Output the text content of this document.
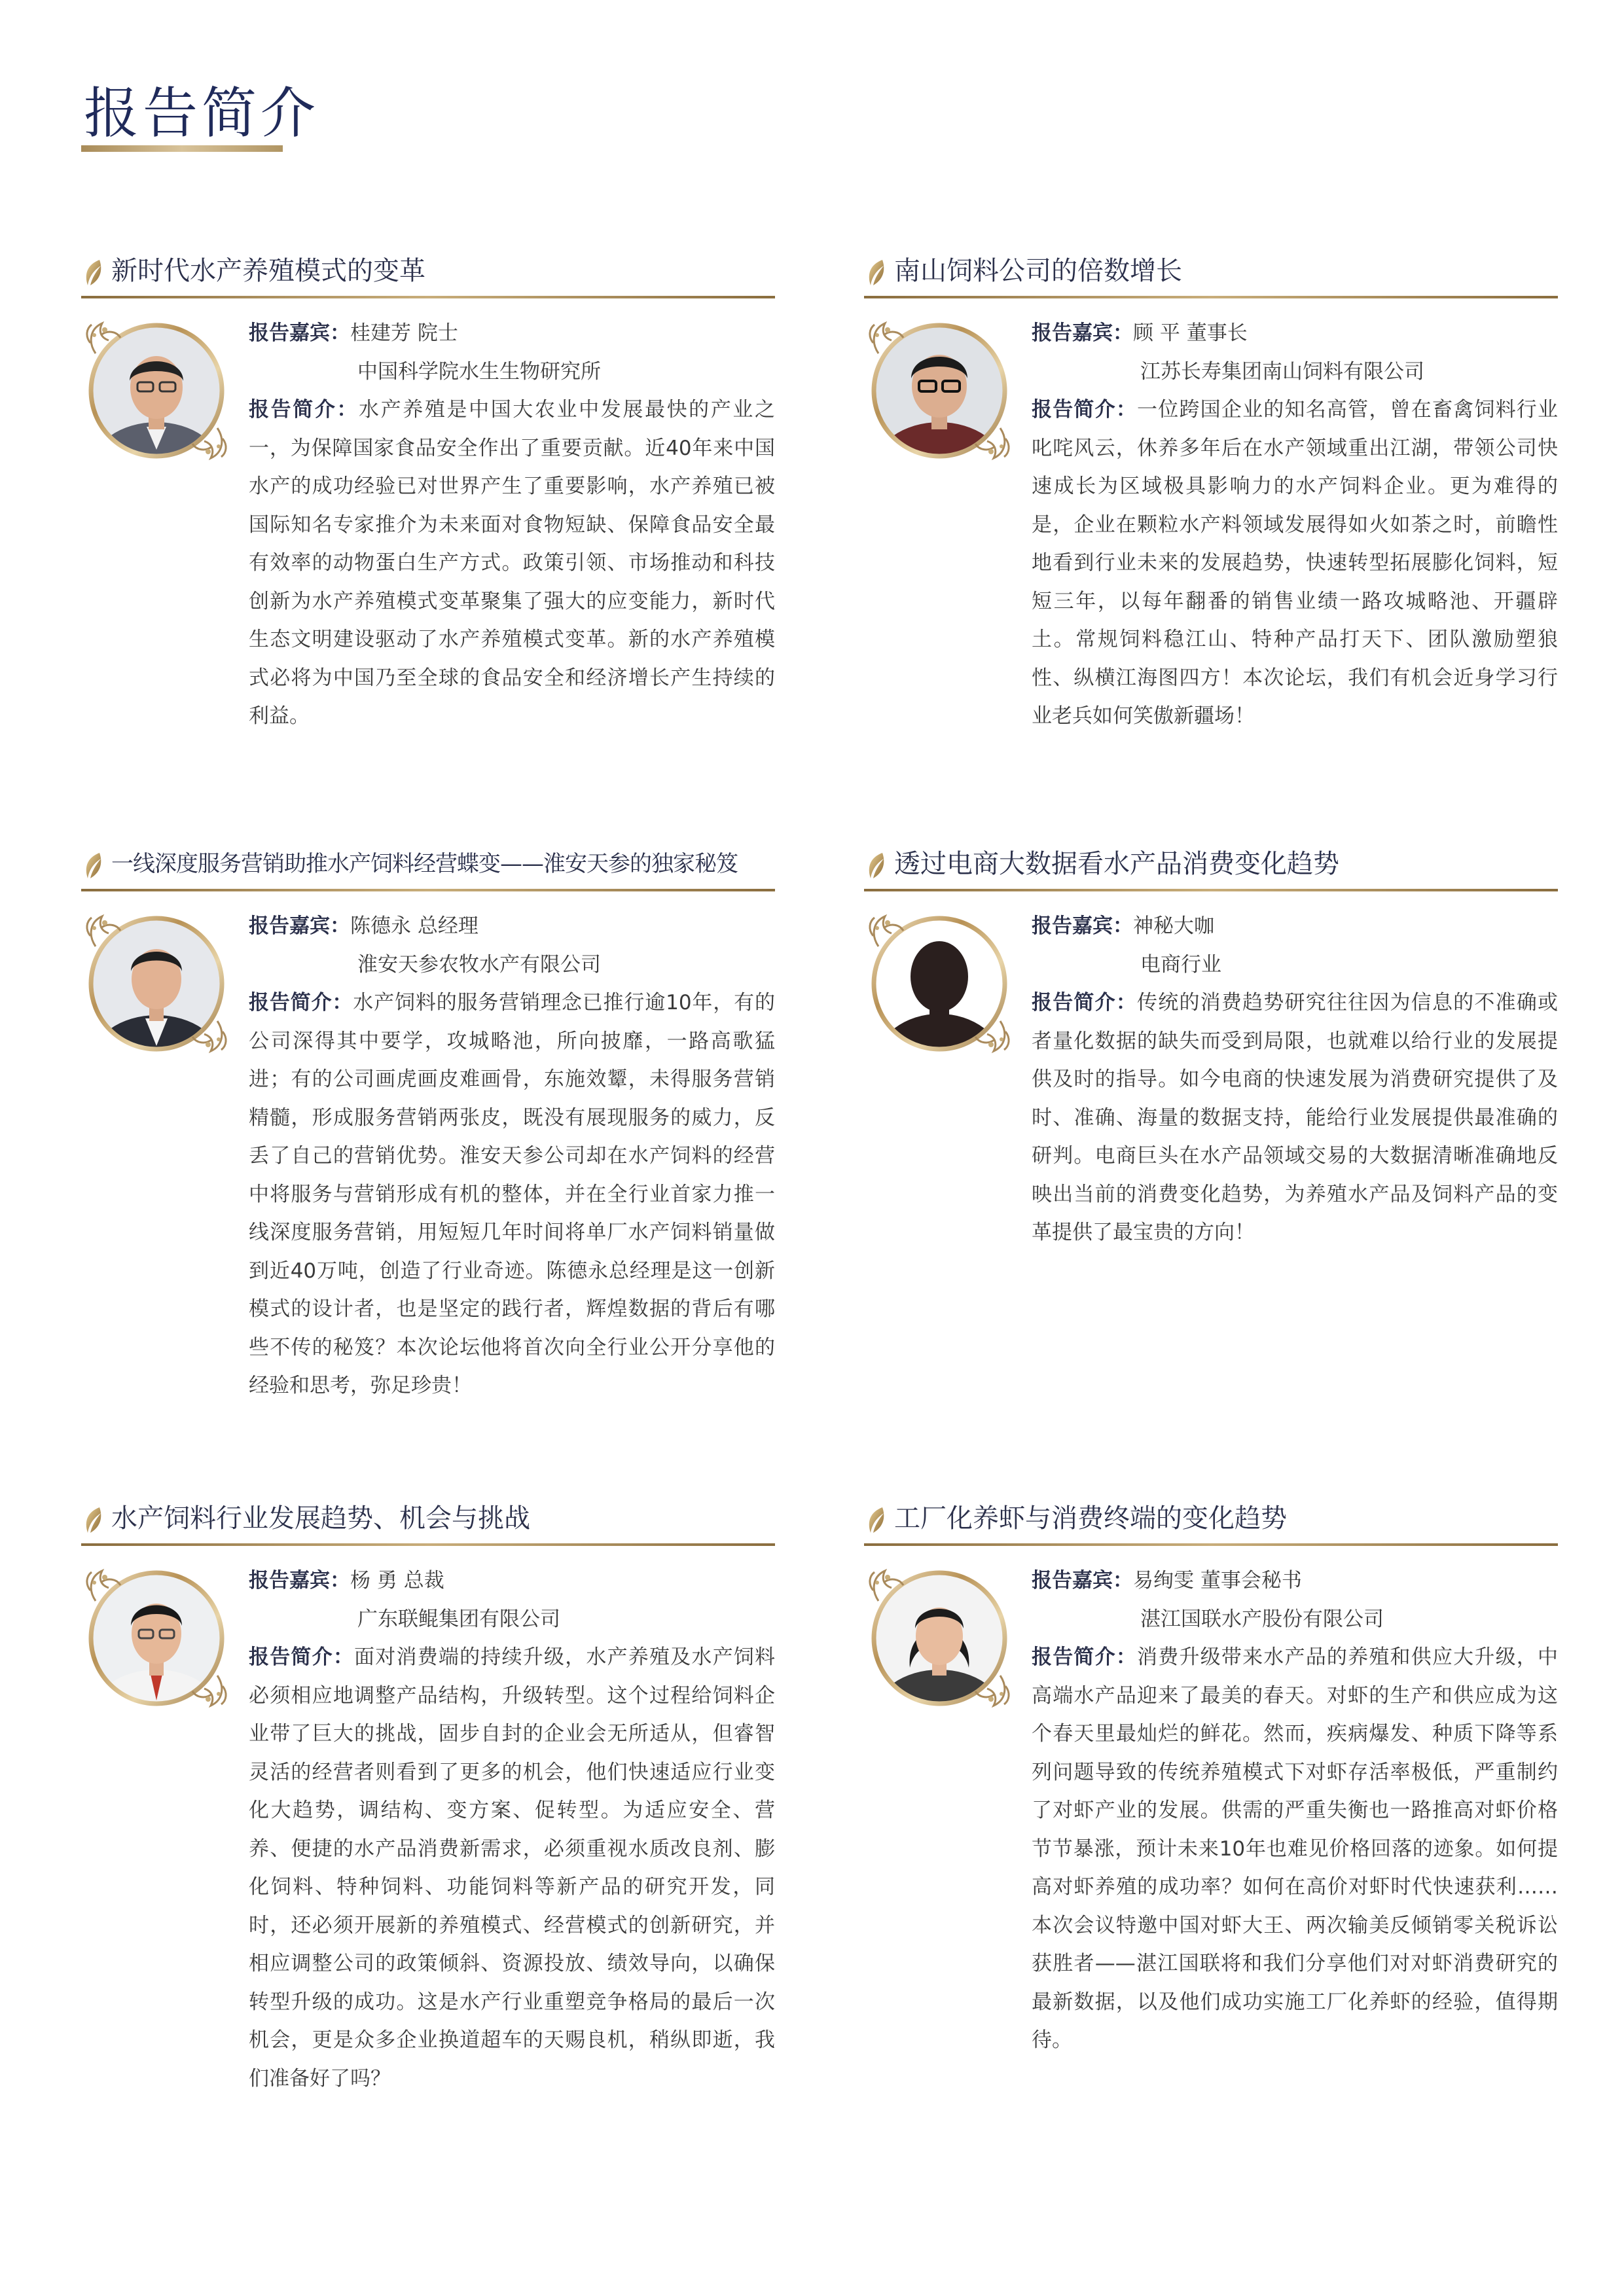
报告简介
新时代水产养殖模式的变革
报告嘉宾：桂建芳 院士
中国科学院水生生物研究所
报告简介：水产养殖是中国大农业中发展最快的产业之一，为保障国家食品安全作出了重要贡献。近40年来中国水产的成功经验已对世界产生了重要影响，水产养殖已被国际知名专家推介为未来面对食物短缺、保障食品安全最有效率的动物蛋白生产方式。政策引领、市场推动和科技创新为水产养殖模式变革聚集了强大的应变能力，新时代生态文明建设驱动了水产养殖模式变革。新的水产养殖模式必将为中国乃至全球的食品安全和经济增长产生持续的利益。
南山饲料公司的倍数增长
报告嘉宾：顾 平 董事长
江苏长寿集团南山饲料有限公司
报告简介：一位跨国企业的知名高管，曾在畜禽饲料行业叱咤风云，休养多年后在水产领域重出江湖，带领公司快速成长为区域极具影响力的水产饲料企业。更为难得的是，企业在颗粒水产料领域发展得如火如荼之时，前瞻性地看到行业未来的发展趋势，快速转型拓展膨化饲料，短短三年，以每年翻番的销售业绩一路攻城略池、开疆辟土。常规饲料稳江山、特种产品打天下、团队激励塑狼性、纵横江海图四方！本次论坛，我们有机会近身学习行业老兵如何笑傲新疆场！
一线深度服务营销助推水产饲料经营蝶变——淮安天参的独家秘笈
报告嘉宾：陈德永 总经理
淮安天参农牧水产有限公司
报告简介：水产饲料的服务营销理念已推行逾10年，有的公司深得其中要学，攻城略池，所向披靡，一路高歌猛进；有的公司画虎画皮难画骨，东施效颦，未得服务营销精髓，形成服务营销两张皮，既没有展现服务的威力，反丢了自己的营销优势。淮安天参公司却在水产饲料的经营中将服务与营销形成有机的整体，并在全行业首家力推一线深度服务营销，用短短几年时间将单厂水产饲料销量做到近40万吨，创造了行业奇迹。陈德永总经理是这一创新模式的设计者，也是坚定的践行者，辉煌数据的背后有哪些不传的秘笈？本次论坛他将首次向全行业公开分享他的经验和思考，弥足珍贵！
透过电商大数据看水产品消费变化趋势
报告嘉宾：神秘大咖
电商行业
报告简介：传统的消费趋势研究往往因为信息的不准确或者量化数据的缺失而受到局限，也就难以给行业的发展提供及时的指导。如今电商的快速发展为消费研究提供了及时、准确、海量的数据支持，能给行业发展提供最准确的研判。电商巨头在水产品领域交易的大数据清晰准确地反映出当前的消费变化趋势，为养殖水产品及饲料产品的变革提供了最宝贵的方向！
水产饲料行业发展趋势、机会与挑战
报告嘉宾：杨 勇 总裁
广东联鲲集团有限公司
报告简介：面对消费端的持续升级，水产养殖及水产饲料必须相应地调整产品结构，升级转型。这个过程给饲料企业带了巨大的挑战，固步自封的企业会无所适从，但睿智灵活的经营者则看到了更多的机会，他们快速适应行业变化大趋势，调结构、变方案、促转型。为适应安全、营养、便捷的水产品消费新需求，必须重视水质改良剂、膨化饲料、特种饲料、功能饲料等新产品的研究开发，同时，还必须开展新的养殖模式、经营模式的创新研究，并相应调整公司的政策倾斜、资源投放、绩效导向，以确保转型升级的成功。这是水产行业重塑竞争格局的最后一次机会，更是众多企业换道超车的天赐良机，稍纵即逝，我们准备好了吗？
工厂化养虾与消费终端的变化趋势
报告嘉宾：易绚雯 董事会秘书
湛江国联水产股份有限公司
报告简介：消费升级带来水产品的养殖和供应大升级，中高端水产品迎来了最美的春天。对虾的生产和供应成为这个春天里最灿烂的鲜花。然而，疾病爆发、种质下降等系列问题导致的传统养殖模式下对虾存活率极低，严重制约了对虾产业的发展。供需的严重失衡也一路推高对虾价格节节暴涨，预计未来10年也难见价格回落的迹象。如何提高对虾养殖的成功率？如何在高价对虾时代快速获利……本次会议特邀中国对虾大王、两次输美反倾销零关税诉讼获胜者——湛江国联将和我们分享他们对对虾消费研究的最新数据，以及他们成功实施工厂化养虾的经验，值得期待。
